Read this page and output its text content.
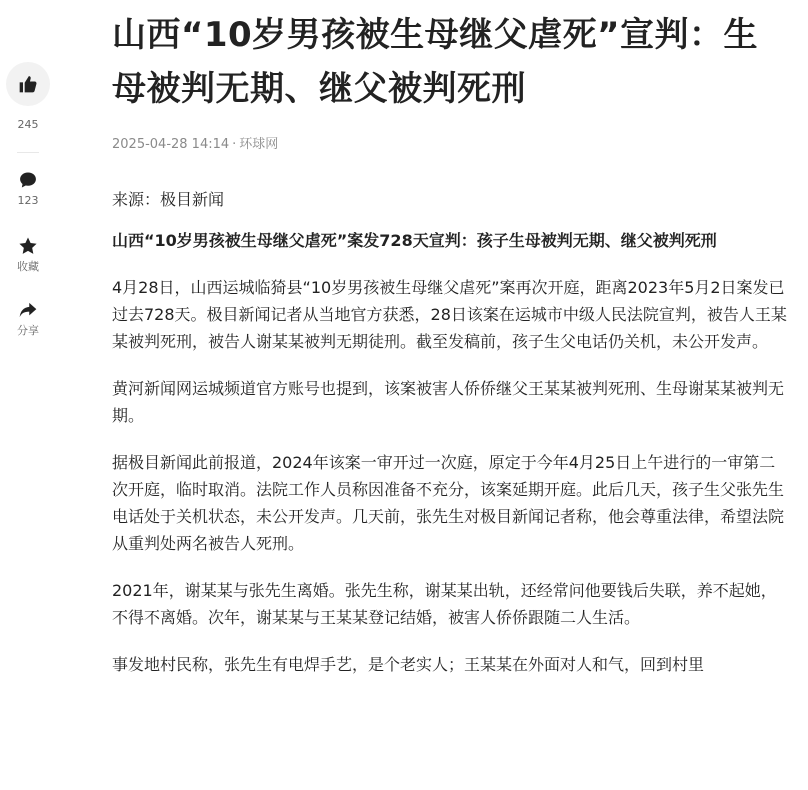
245
123
收藏
分享
山西“10岁男孩被生母继父虐死”宣判：生母被判无期、继父被判死刑
2025-04-28 14:14 · 环球网

来源：极目新闻

山西“10岁男孩被生母继父虐死”案发728天宣判：孩子生母被判无期、继父被判死刑

4月28日，山西运城临猗县“10岁男孩被生母继父虐死”案再次开庭，距离2023年5月2日案发已过去728天。极目新闻记者从当地官方获悉，28日该案在运城市中级人民法院宣判，被告人王某某被判死刑，被告人谢某某被判无期徒刑。截至发稿前，孩子生父电话仍关机，未公开发声。

黄河新闻网运城频道官方账号也提到，该案被害人侨侨继父王某某被判死刑、生母谢某某被判无期。

据极目新闻此前报道，2024年该案一审开过一次庭，原定于今年4月25日上午进行的一审第二次开庭，临时取消。法院工作人员称因准备不充分，该案延期开庭。此后几天，孩子生父张先生电话处于关机状态，未公开发声。几天前，张先生对极目新闻记者称，他会尊重法律，希望法院从重判处两名被告人死刑。

2021年，谢某某与张先生离婚。张先生称，谢某某出轨，还经常问他要钱后失联，养不起她，不得不离婚。次年，谢某某与王某某登记结婚，被害人侨侨跟随二人生活。

事发地村民称，张先生有电焊手艺，是个老实人；王某某在外面对人和气，回到村里
